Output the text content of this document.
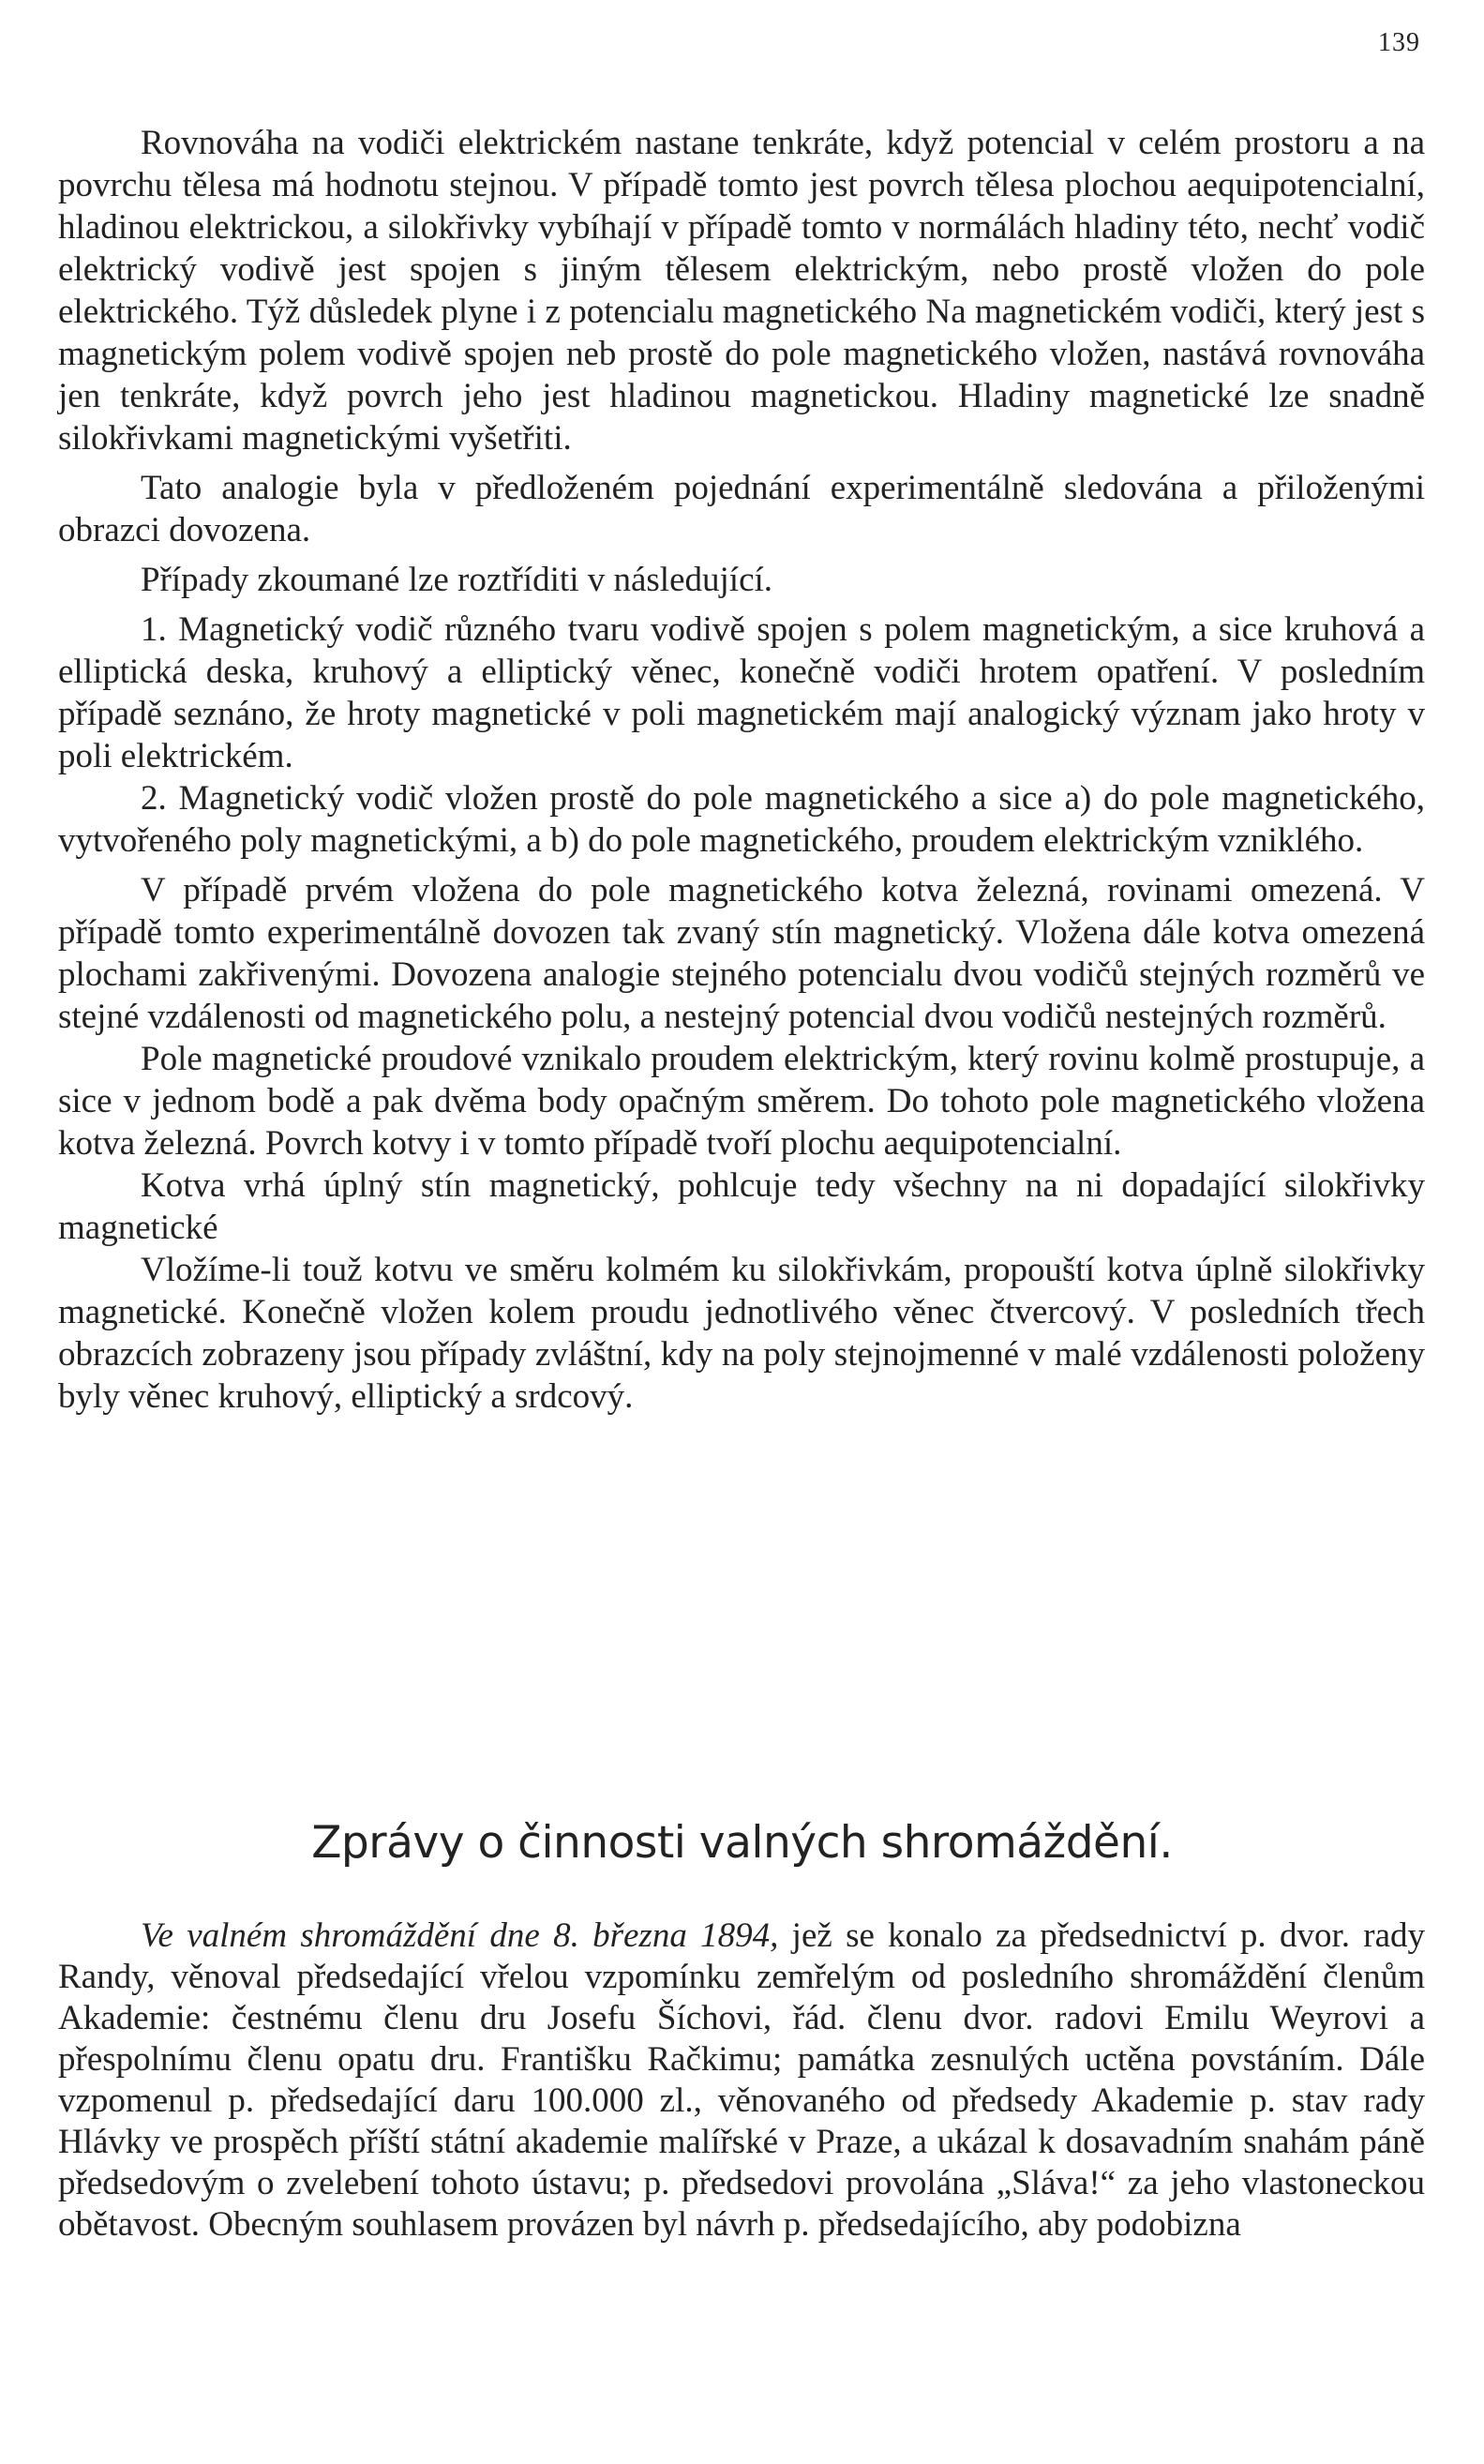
139

Rovnováha na vodiči elektrickém nastane tenkráte, když potencial v celém prostoru a na povrchu tělesa má hodnotu stejnou. V případě tomto jest povrch tělesa plochou aequipotencialní, hladinou elektrickou, a silokřivky vybíhají v případě tomto v normálách hladiny této, nechť vodič elektrický vodivě jest spojen s jiným tělesem elektrickým, nebo prostě vložen do pole elektrického. Týž důsledek plyne i z potencialu magnetického Na magnetickém vodiči, který jest s magnetickým polem vodivě spojen neb prostě do pole magnetického vložen, nastává rovnováha jen tenkráte, když povrch jeho jest hladinou magnetickou. Hladiny magnetické lze snadně silokřivkami magnetickými vyšetřiti.

Tato analogie byla v předloženém pojednání experimentálně sledována a přiloženými obrazci dovozena.

Případy zkoumané lze roztříditi v následující.

1. Magnetický vodič různého tvaru vodivě spojen s polem magnetickým, a sice kruhová a elliptická deska, kruhový a elliptický věnec, konečně vodiči hrotem opatření. V posledním případě seznáno, že hroty magnetické v poli magnetickém mají analogický význam jako hroty v poli elektrickém.

2. Magnetický vodič vložen prostě do pole magnetického a sice a) do pole magnetického, vytvořeného poly magnetickými, a b) do pole magnetického, proudem elektrickým vzniklého.

V případě prvém vložena do pole magnetického kotva železná, rovinami omezená. V případě tomto experimentálně dovozen tak zvaný stín magnetický. Vložena dále kotva omezená plochami zakřivenými. Dovozena analogie stejného potencialu dvou vodičů stejných rozměrů ve stejné vzdálenosti od magnetického polu, a nestejný potencial dvou vodičů nestejných rozměrů.

Pole magnetické proudové vznikalo proudem elektrickým, který rovinu kolmě prostupuje, a sice v jednom bodě a pak dvěma body opačným směrem. Do tohoto pole magnetického vložena kotva železná. Povrch kotvy i v tomto případě tvoří plochu aequipotencialní.

Kotva vrhá úplný stín magnetický, pohlcuje tedy všechny na ni dopadající silokřivky magnetické

Vložíme-li touž kotvu ve směru kolmém ku silokřivkám, propouští kotva úplně silokřivky magnetické. Konečně vložen kolem proudu jednotlivého věnec čtvercový. V posledních třech obrazcích zobrazeny jsou případy zvláštní, kdy na poly stejnojmenné v malé vzdálenosti položeny byly věnec kruhový, elliptický a srdcový.

Zprávy o činnosti valných shromáždění.

Ve valném shromáždění dne 8. března 1894, jež se konalo za předsednictví p. dvor. rady Randy, věnoval předsedající vřelou vzpomínku zemřelým od posledního shromáždění členům Akademie: čestnému členu dru Josefu Šíchovi, řád. členu dvor. radovi Emilu Weyrovi a přespolnímu členu opatu dru. Františku Račkimu; památka zesnulých uctěna povstáním. Dále vzpomenul p. předsedající daru 100.000 zl., věnovaného od předsedy Akademie p. stav rady Hlávky ve prospěch příští státní akademie malířské v Praze, a ukázal k dosavadním snahám páně předsedovým o zvelebení tohoto ústavu; p. předsedovi provolána „Sláva!“ za jeho vlastoneckou obětavost. Obecným souhlasem provázen byl návrh p. předsedajícího, aby podobizna
